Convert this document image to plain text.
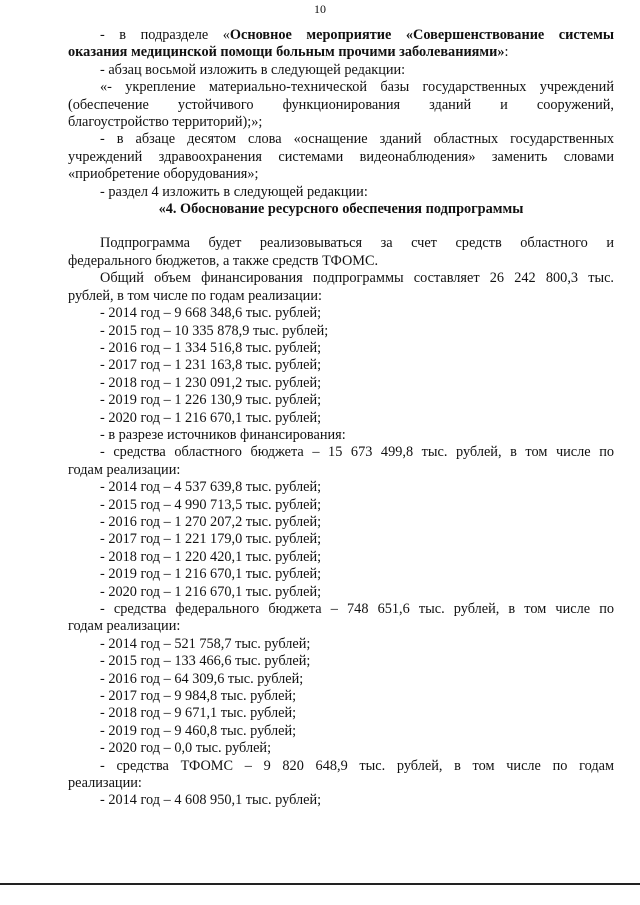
10

- в подразделе «Основное мероприятие «Совершенствование системы

оказания медицинской помощи больным прочими заболеваниями»:

- абзац восьмой изложить в следующей редакции:

«- укрепление материально-технической базы государственных учреждений

(обеспечение устойчивого функционирования зданий и сооружений,

благоустройство территорий);»;

- в абзаце десятом слова «оснащение зданий областных государственных

учреждений здравоохранения системами видеонаблюдения» заменить словами

«приобретение оборудования»;

- раздел 4 изложить в следующей редакции:

«4. Обоснование ресурсного обеспечения подпрограммы

Подпрограмма будет реализовываться за счет средств областного и

федерального бюджетов, а также средств ТФОМС.

Общий объем финансирования подпрограммы составляет 26 242 800,3 тыс.

рублей, в том числе по годам реализации:

- 2014 год – 9 668 348,6 тыс. рублей;

- 2015 год – 10 335 878,9 тыс. рублей;

- 2016 год – 1 334 516,8 тыс. рублей;

- 2017 год – 1 231 163,8 тыс. рублей;

- 2018 год – 1 230 091,2 тыс. рублей;

- 2019 год – 1 226 130,9 тыс. рублей;

- 2020 год – 1 216 670,1 тыс. рублей;

- в разрезе источников финансирования:

- средства областного бюджета – 15 673 499,8 тыс. рублей, в том числе по

годам реализации:

- 2014 год – 4 537 639,8 тыс. рублей;

- 2015 год – 4 990 713,5 тыс. рублей;

- 2016 год – 1 270 207,2 тыс. рублей;

- 2017 год – 1 221 179,0 тыс. рублей;

- 2018 год – 1 220 420,1 тыс. рублей;

- 2019 год – 1 216 670,1 тыс. рублей;

- 2020 год – 1 216 670,1 тыс. рублей;

- средства федерального бюджета – 748 651,6 тыс. рублей, в том числе по

годам реализации:

- 2014 год – 521 758,7 тыс. рублей;

- 2015 год – 133 466,6 тыс. рублей;

- 2016 год – 64 309,6 тыс. рублей;

- 2017 год – 9 984,8 тыс. рублей;

- 2018 год – 9 671,1 тыс. рублей;

- 2019 год – 9 460,8 тыс. рублей;

- 2020 год – 0,0 тыс. рублей;

- средства ТФОМС – 9 820 648,9 тыс. рублей, в том числе по годам

реализации:

- 2014 год – 4 608 950,1 тыс. рублей;
